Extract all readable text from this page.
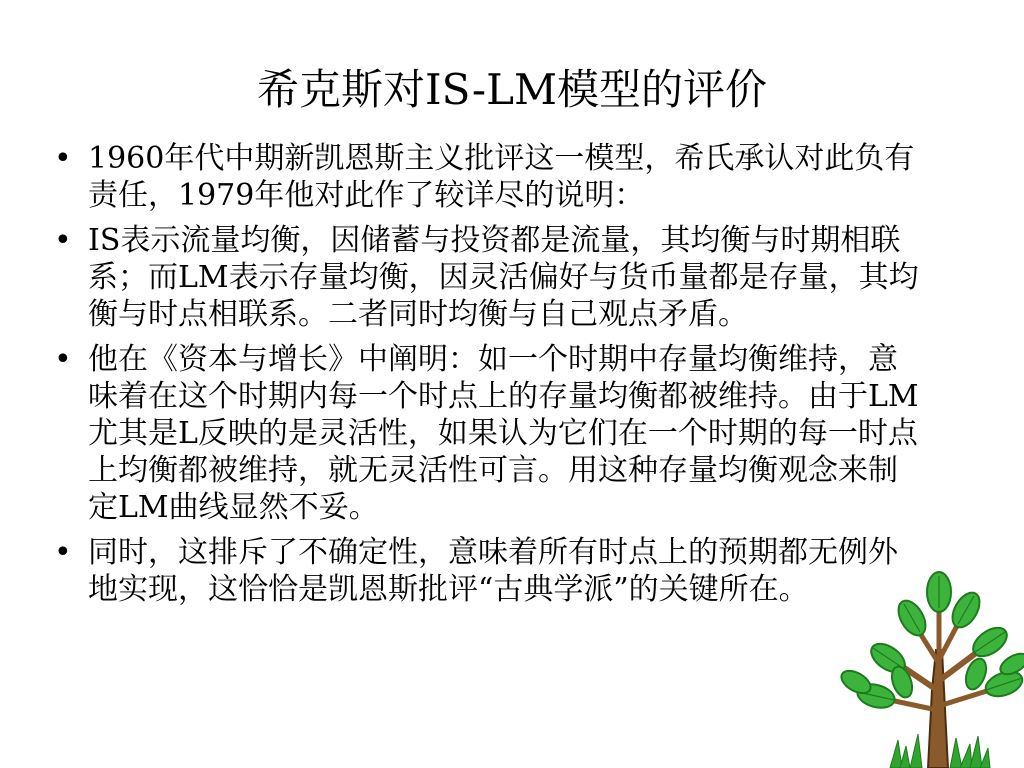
希克斯对IS-LM模型的评价
• 1960年代中期新凯恩斯主义批评这一模型，希氏承认对此负有责任，1979年他对此作了较详尽的说明：
• IS表示流量均衡，因储蓄与投资都是流量，其均衡与时期相联系；而LM表示存量均衡，因灵活偏好与货币量都是存量，其均衡与时点相联系。二者同时均衡与自己观点矛盾。
• 他在《资本与增长》中阐明：如一个时期中存量均衡维持，意味着在这个时期内每一个时点上的存量均衡都被维持。由于LM尤其是L反映的是灵活性，如果认为它们在一个时期的每一时点上均衡都被维持，就无灵活性可言。用这种存量均衡观念来制定LM曲线显然不妥。
• 同时，这排斥了不确定性，意味着所有时点上的预期都无例外地实现，这恰恰是凯恩斯批评“古典学派”的关键所在。
